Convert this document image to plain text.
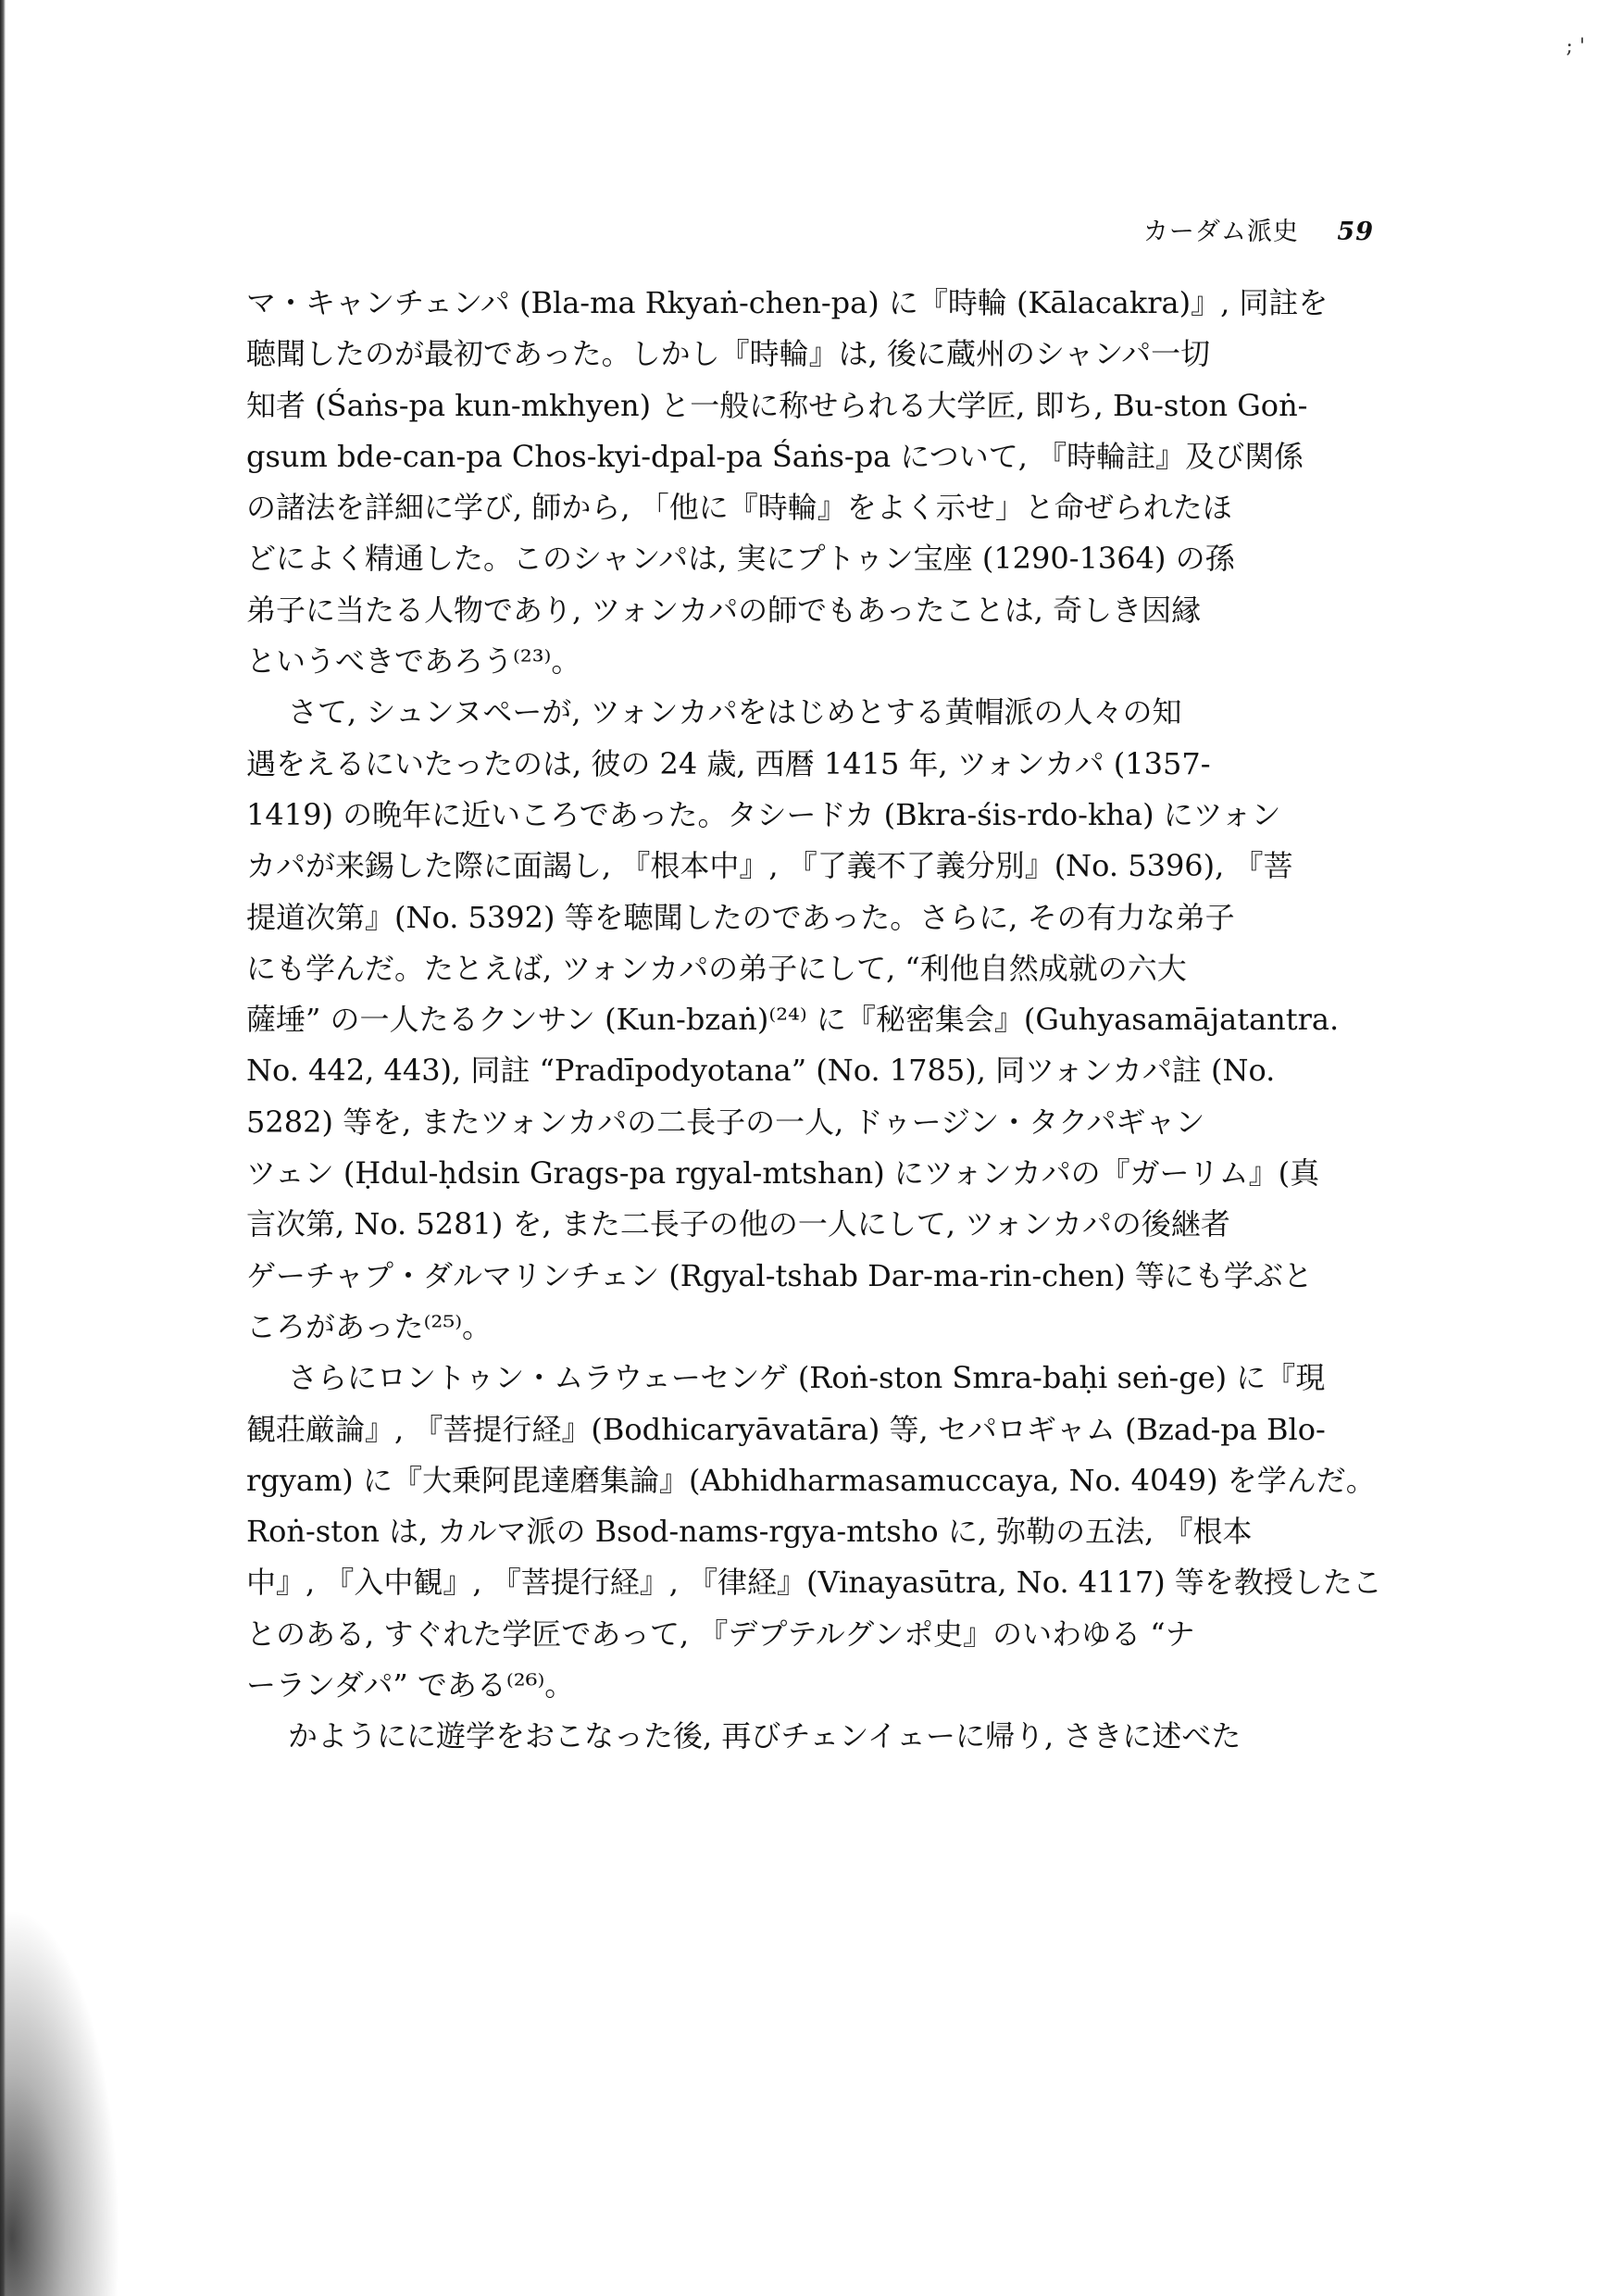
; '
カーダム派史 59
マ・キャンチェンパ (Bla-ma Rkyaṅ-chen-pa) に『時輪 (Kālacakra)』, 同註を
聴聞したのが最初であった。しかし『時輪』は, 後に蔵州のシャンパ一切
知者 (Śaṅs-pa kun-mkhyen) と一般に称せられる大学匠, 即ち, Bu-ston Goṅ-
gsum bde-can-pa Chos-kyi-dpal-pa Śaṅs-pa について, 『時輪註』及び関係
の諸法を詳細に学び, 師から, 「他に『時輪』をよく示せ」と命ぜられたほ
どによく精通した。このシャンパは, 実にプトゥン宝座 (1290-1364) の孫
弟子に当たる人物であり, ツォンカパの師でもあったことは, 奇しき因縁
というべきであろう⁽²³⁾。
さて, シュンヌペーが, ツォンカパをはじめとする黄帽派の人々の知
遇をえるにいたったのは, 彼の 24 歳, 西暦 1415 年, ツォンカパ (1357-
1419) の晩年に近いころであった。タシードカ (Bkra-śis-rdo-kha) にツォン
カパが来錫した際に面謁し, 『根本中』, 『了義不了義分別』(No. 5396), 『菩
提道次第』(No. 5392) 等を聴聞したのであった。さらに, その有力な弟子
にも学んだ。たとえば, ツォンカパの弟子にして, “利他自然成就の六大
薩埵” の一人たるクンサン (Kun-bzaṅ)⁽²⁴⁾ に『秘密集会』(Guhyasamājatantra.
No. 442, 443), 同註 “Pradīpodyotana” (No. 1785), 同ツォンカパ註 (No.
5282) 等を, またツォンカパの二長子の一人, ドゥージン・タクパギャン
ツェン (Ḥdul-ḥdsin Grags-pa rgyal-mtshan) にツォンカパの『ガーリム』(真
言次第, No. 5281) を, また二長子の他の一人にして, ツォンカパの後継者
ゲーチャプ・ダルマリンチェン (Rgyal-tshab Dar-ma-rin-chen) 等にも学ぶと
ころがあった⁽²⁵⁾。
さらにロントゥン・ムラウェーセンゲ (Roṅ-ston Smra-baḥi seṅ-ge) に『現
観荘厳論』, 『菩提行経』(Bodhicaryāvatāra) 等, セパロギャム (Bzad-pa Blo-
rgyam) に『大乗阿毘達磨集論』(Abhidharmasamuccaya, No. 4049) を学んだ。
Roṅ-ston は, カルマ派の Bsod-nams-rgya-mtsho に, 弥勒の五法, 『根本
中』, 『入中観』, 『菩提行経』, 『律経』(Vinayasūtra, No. 4117) 等を教授したこ
とのある, すぐれた学匠であって, 『デプテルグンポ史』のいわゆる “ナ
ーランダパ” である⁽²⁶⁾。
かようにに遊学をおこなった後, 再びチェンイェーに帰り, さきに述べた
